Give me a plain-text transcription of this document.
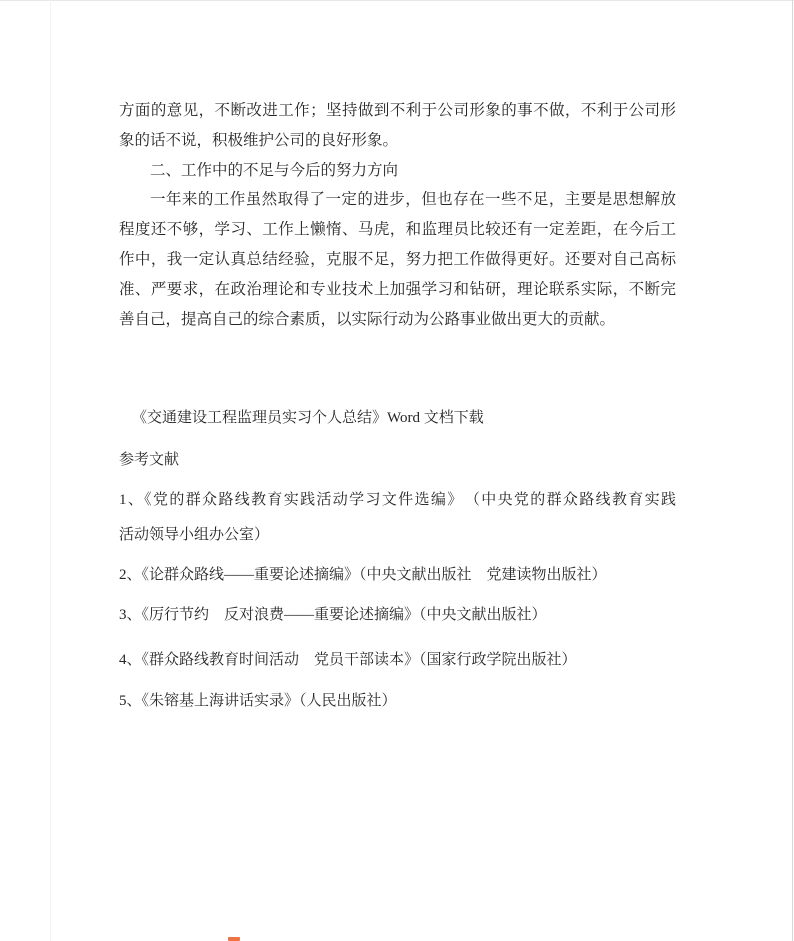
方面的意见，不断改进工作；坚持做到不利于公司形象的事不做，不利于公司形
象的话不说，积极维护公司的良好形象。
二、工作中的不足与今后的努力方向
一年来的工作虽然取得了一定的进步，但也存在一些不足，主要是思想解放
程度还不够，学习、工作上懒惰、马虎，和监理员比较还有一定差距，在今后工
作中，我一定认真总结经验，克服不足，努力把工作做得更好。还要对自己高标
准、严要求，在政治理论和专业技术上加强学习和钻研，理论联系实际，不断完
善自己，提高自己的综合素质，以实际行动为公路事业做出更大的贡献。
《交通建设工程监理员实习个人总结》Word 文档下载
参考文献
1、《党的群众路线教育实践活动学习文件选编》　（中央党的群众路线教育实践
活动领导小组办公室）
2、《论群众路线——重要论述摘编》（中央文献出版社　党建读物出版社）
3、《厉行节约　反对浪费——重要论述摘编》（中央文献出版社）
4、《群众路线教育时间活动　党员干部读本》（国家行政学院出版社）
5、《朱镕基上海讲话实录》（人民出版社）
